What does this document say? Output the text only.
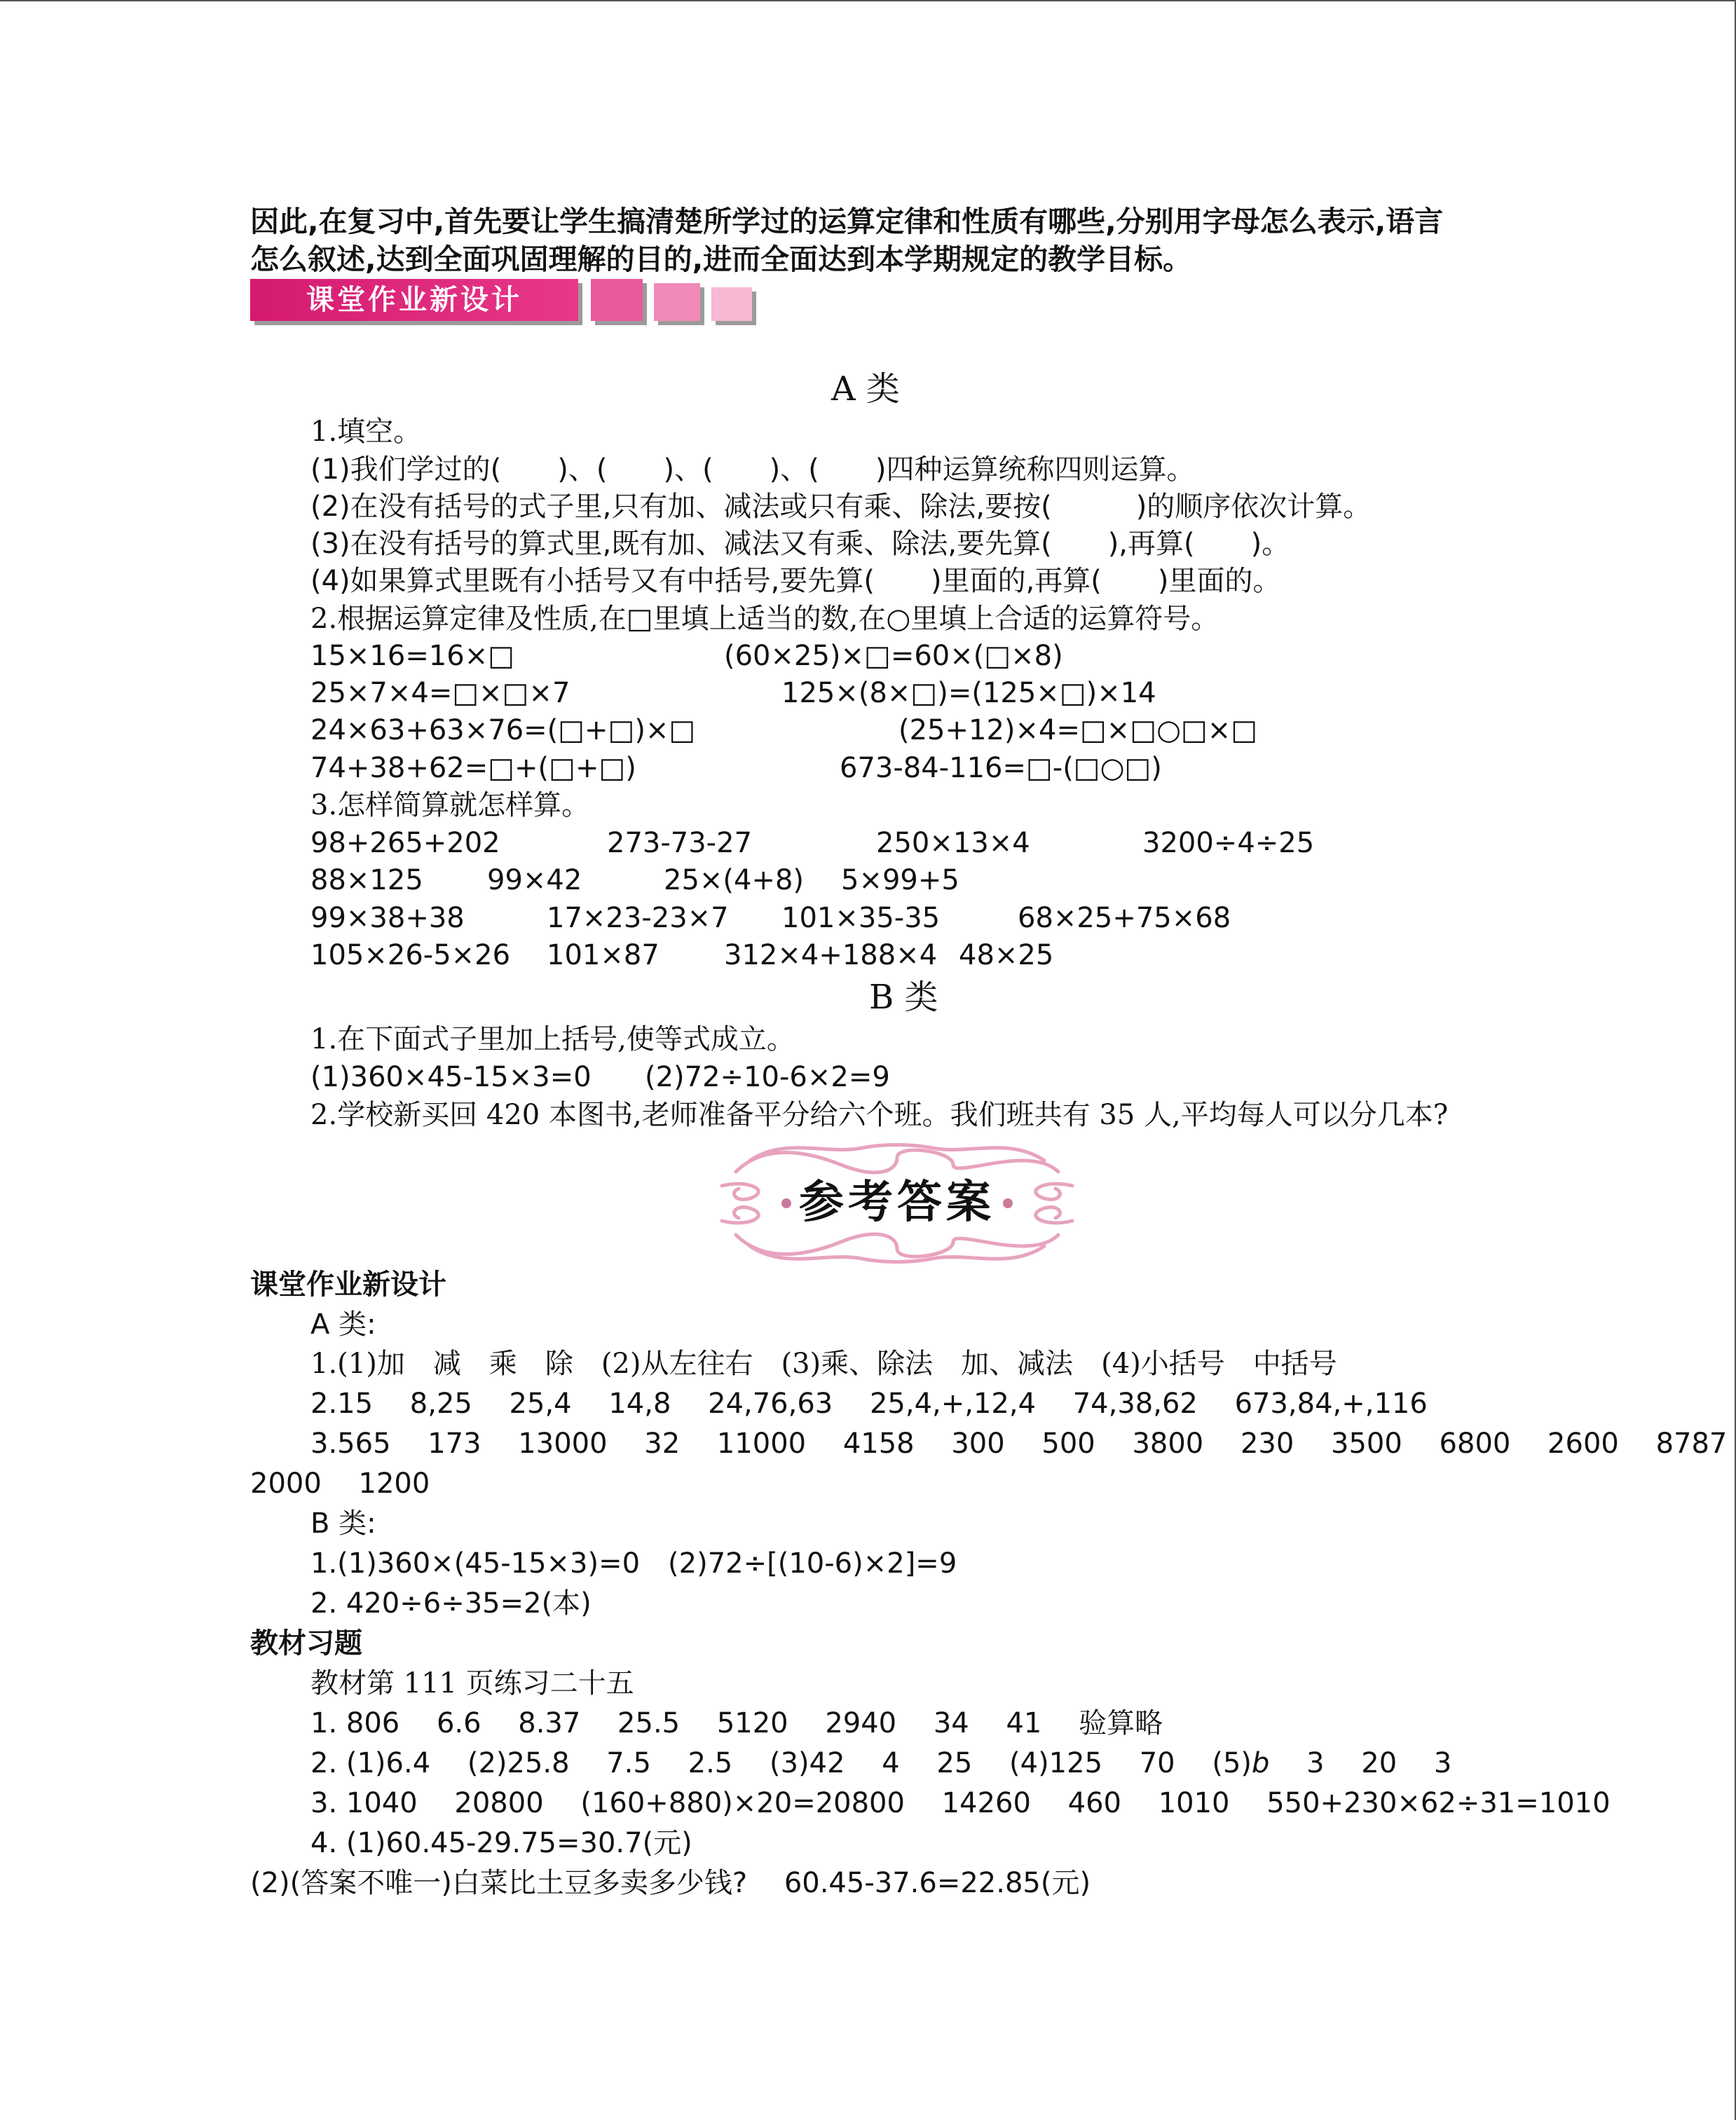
因此,在复习中,首先要让学生搞清楚所学过的运算定律和性质有哪些,分别用字母怎么表示,语言
怎么叙述,达到全面巩固理解的目的,进而全面达到本学期规定的教学目标。
课堂作业新设计
A 类
1.填空。
(1)我们学过的(　　)、(　　)、(　　)、(　　)四种运算统称四则运算。
(2)在没有括号的式子里,只有加、减法或只有乘、除法,要按(　　　)的顺序依次计算。
(3)在没有括号的算式里,既有加、减法又有乘、除法,要先算(　　),再算(　　)。
(4)如果算式里既有小括号又有中括号,要先算(　　)里面的,再算(　　)里面的。
2.根据运算定律及性质,在□里填上适当的数,在○里填上合适的运算符号。
15×16=16×□	(60×25)×□=60×(□×8)
25×7×4=□×□×7	125×(8×□)=(125×□)×14
24×63+63×76=(□+□)×□	(25+12)×4=□×□○□×□
74+38+62=□+(□+□)	673-84-116=□-(□○□)
3.怎样简算就怎样算。
98+265+202	273-73-27	250×13×4	3200÷4÷25
88×125 99×42	25×(4+8) 5×99+5
99×38+38	17×23-23×7 101×35-35	68×25+75×68
105×26-5×26 101×87 312×4+188×4 48×25
B 类
1.在下面式子里加上括号,使等式成立。
(1)360×45-15×3=0 (2)72÷10-6×2=9
2.学校新买回 420 本图书,老师准备平分给六个班。我们班共有 35 人,平均每人可以分几本?
参考答案
课堂作业新设计
A 类:
1.(1)加 减 乘 除 (2)从左往右 (3)乘、除法 加、减法 (4)小括号 中括号
2.15  8,25  25,4  14,8  24,76,63  25,4,+,12,4  74,38,62  673,84,+,116
3.565  173  13000  32  11000  4158  300  500  3800  230  3500  6800  2600  8787
2000  1200
B 类:
1.(1)360×(45-15×3)=0 (2)72÷[(10-6)×2]=9
2. 420÷6÷35=2(本)
教材习题
教材第 111 页练习二十五
1. 806  6.6  8.37  25.5  5120  2940  34  41  验算略
2. (1)6.4  (2)25.8  7.5  2.5  (3)42  4  25  (4)125  70  (5)b  3  20  3
3. 1040  20800  (160+880)×20=20800  14260  460  1010  550+230×62÷31=1010
4. (1)60.45-29.75=30.7(元)
(2)(答案不唯一)白菜比土豆多卖多少钱?  60.45-37.6=22.85(元)
